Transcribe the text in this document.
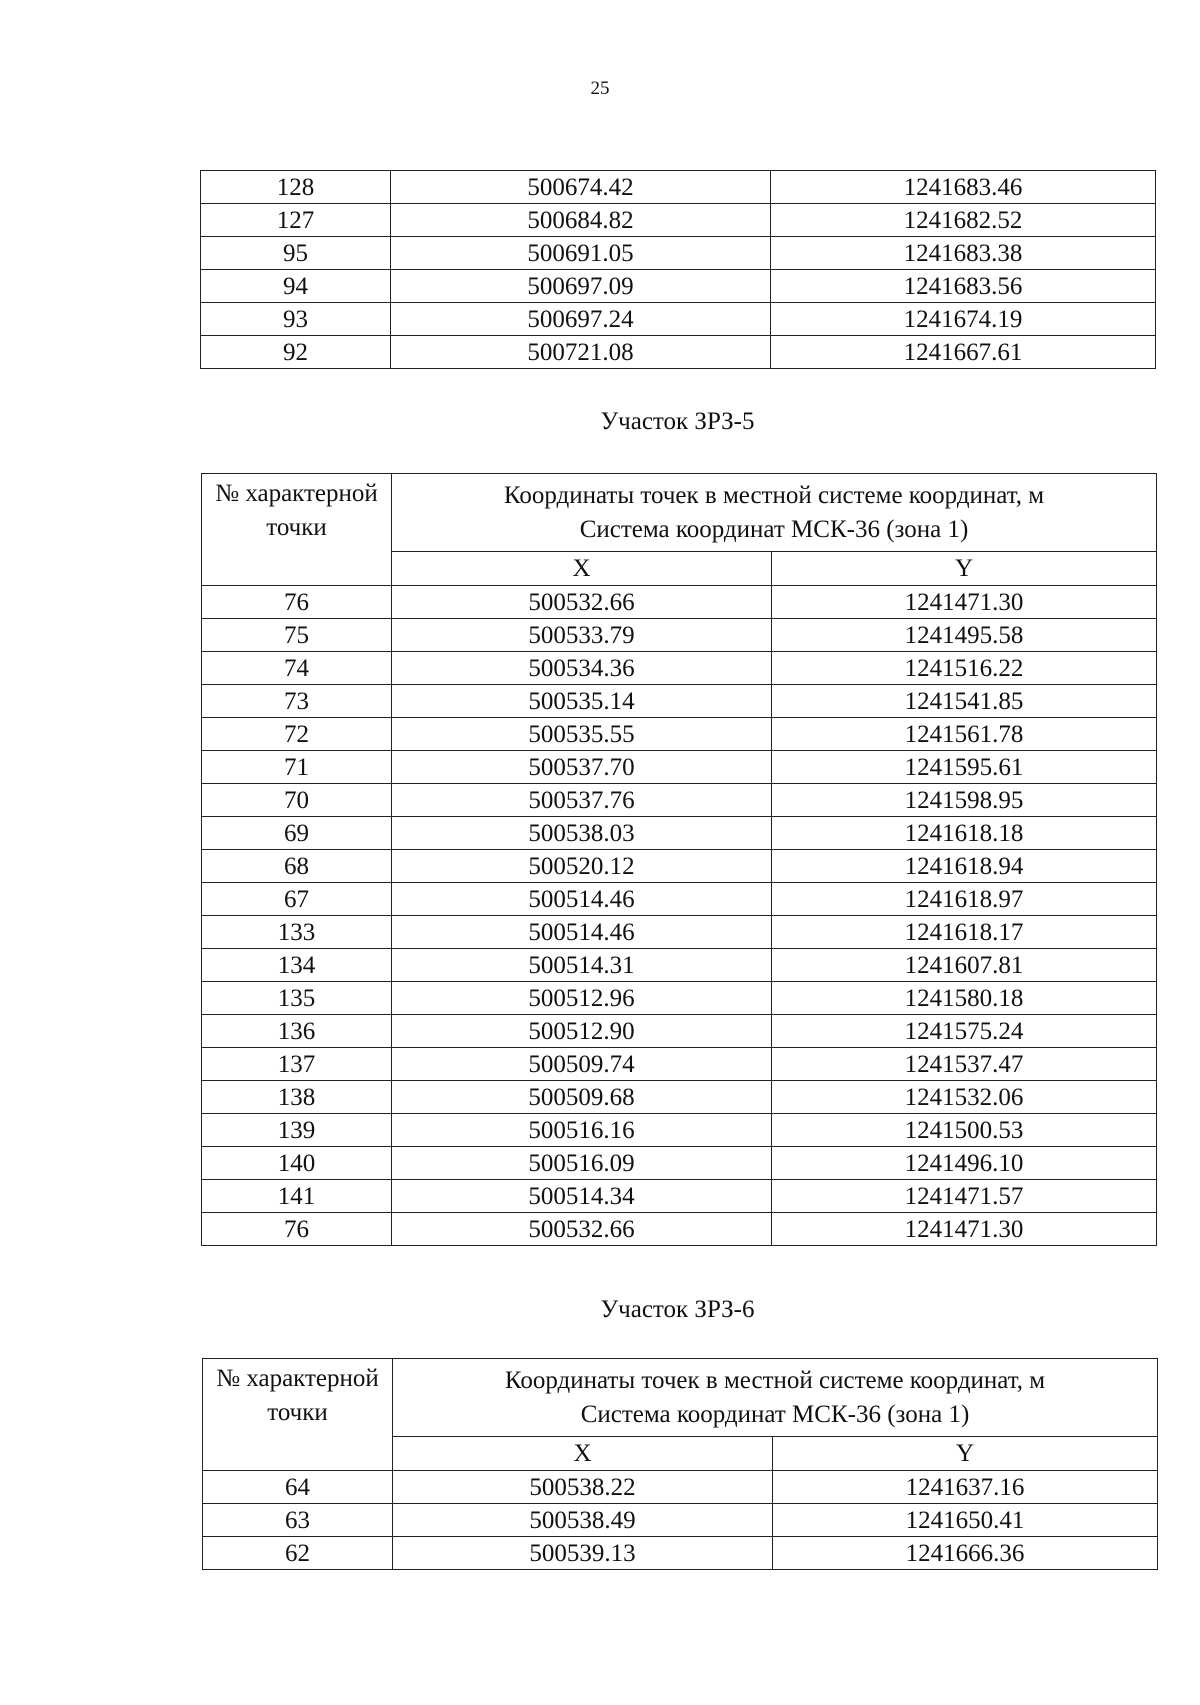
25
128	500674.42	1241683.46
127	500684.82	1241682.52
95	500691.05	1241683.38
94	500697.09	1241683.56
93	500697.24	1241674.19
92	500721.08	1241667.61
Участок ЗРЗ-5
№ характерной точки	Координаты точек в местной системе координат, м
Система координат МСК-36 (зона 1)	

	X	Y
76	500532.66	1241471.30
75	500533.79	1241495.58
74	500534.36	1241516.22
73	500535.14	1241541.85
72	500535.55	1241561.78
71	500537.70	1241595.61
70	500537.76	1241598.95
69	500538.03	1241618.18
68	500520.12	1241618.94
67	500514.46	1241618.97
133	500514.46	1241618.17
134	500514.31	1241607.81
135	500512.96	1241580.18
136	500512.90	1241575.24
137	500509.74	1241537.47
138	500509.68	1241532.06
139	500516.16	1241500.53
140	500516.09	1241496.10
141	500514.34	1241471.57
76	500532.66	1241471.30
Участок ЗРЗ-6
№ характерной точки	Координаты точек в местной системе координат, м
Система координат МСК-36 (зона 1)	

	X	Y
64	500538.22	1241637.16
63	500538.49	1241650.41
62	500539.13	1241666.36
